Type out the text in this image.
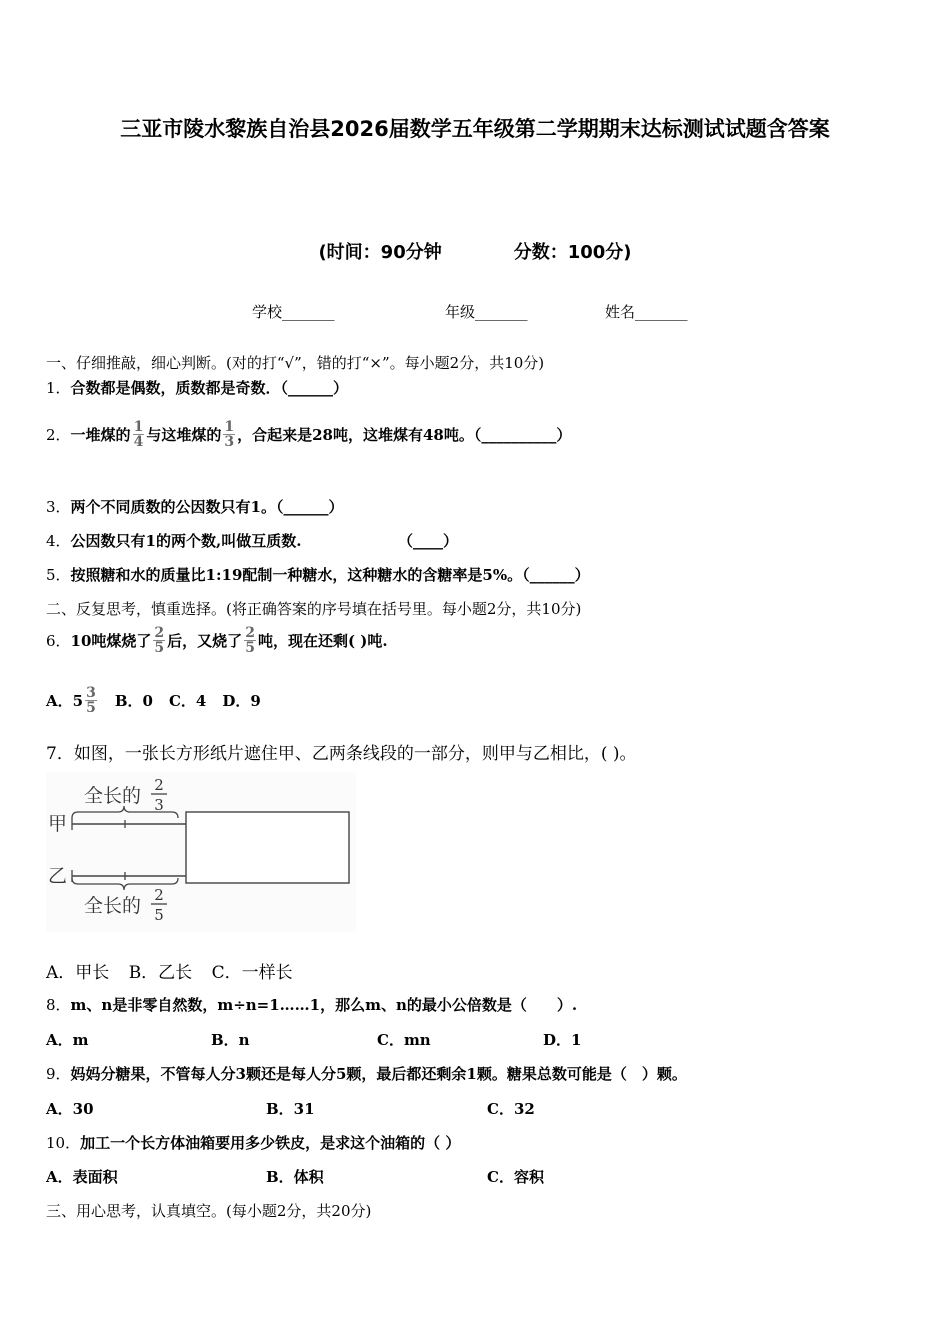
三亚市陵水黎族自治县2026届数学五年级第二学期期末达标测试试题含答案
(时间：90分钟	分数：100分)
学校_______	年级_______	姓名_______
一、仔细推敲，细心判断。(对的打“√”，错的打“×”。每小题2分，共10分)
1．合数都是偶数，质数都是奇数．（______）
2． 一堆煤的 $\frac{1}{4}$ 与这堆煤的 $\frac{1}{3}$ ，合起来是28吨，这堆煤有48吨。（__________）
3．两个不同质数的公因数只有1。（______）
4．公因数只有1的两个数,叫做互质数.	（____）
5．按照糖和水的质量比1:19配制一种糖水，这种糖水的含糖率是5%。（______）
二、反复思考，慎重选择。(将正确答案的序号填在括号里。每小题2分，共10分)
6． 10吨煤烧了 $\frac{2}{5}$ 后，又烧了 $\frac{2}{5}$ 吨，现在还剩( )吨.
A．$5 \frac{3}{5}$ B．0 C．4 D．9
7．如图，一张长方形纸片遮住甲、乙两条线段的一部分，则甲与乙相比，( )。
全长的 2
3
甲
乙
全长的 2
5
A．甲长 B．乙长 C．一样长
8．m、n是非零自然数，m÷n=1……1，那么m、n的最小公倍数是（　　）.
A．m	B．n	C．mn	D．1
9．妈妈分糖果，不管每人分3颗还是每人分5颗，最后都还剩余1颗。糖果总数可能是（　）颗。
A．30	B．31	C．32
10．加工一个长方体油箱要用多少铁皮，是求这个油箱的（ ）
A．表面积	B．体积	C．容积
三、用心思考，认真填空。(每小题2分，共20分)
